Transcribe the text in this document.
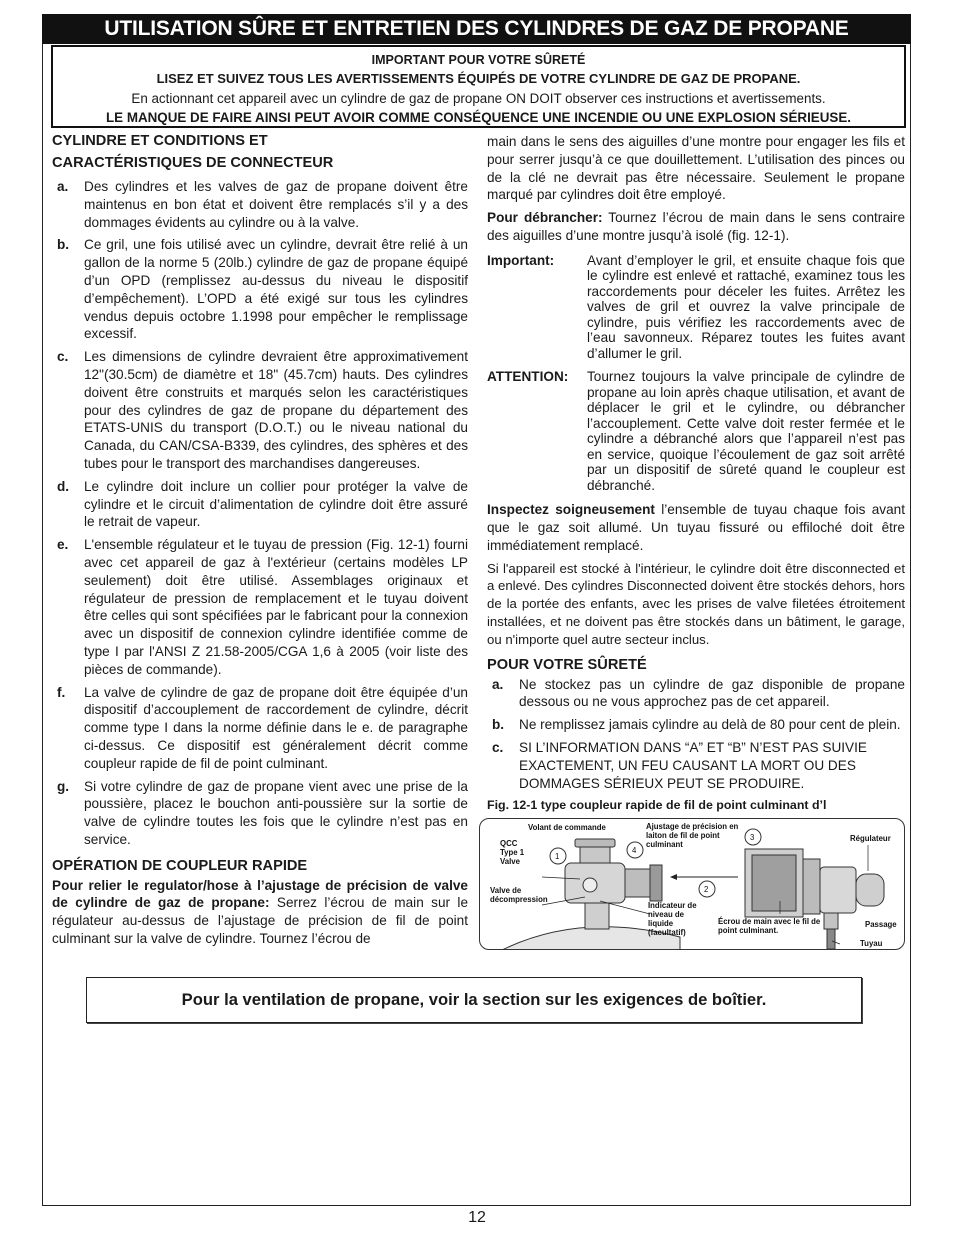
UTILISATION SÛRE ET ENTRETIEN DES CYLINDRES DE GAZ DE PROPANE
IMPORTANT POUR VOTRE SÛRETÉ
LISEZ ET SUIVEZ TOUS LES AVERTISSEMENTS ÉQUIPÉS DE VOTRE CYLINDRE DE GAZ DE PROPANE.
En actionnant cet appareil avec un cylindre de gaz de propane ON DOIT observer ces instructions et avertissements.
LE MANQUE DE FAIRE AINSI PEUT AVOIR COMME CONSÉQUENCE UNE INCENDIE OU UNE EXPLOSION SÉRIEUSE.
CYLINDRE ET CONDITIONS ET
CARACTÉRISTIQUES DE CONNECTEUR
a. Des cylindres et les valves de gaz de propane doivent être maintenus en bon état et doivent être remplacés s’il y a des dommages évidents au cylindre ou à la valve.
b. Ce gril, une fois utilisé avec un cylindre, devrait être relié à un gallon de la norme 5 (20lb.) cylindre de gaz de propane équipé d’un OPD (remplissez au-dessus du niveau le dispositif d’empêchement). L’OPD a été exigé sur tous les cylindres vendus depuis octobre 1.1998 pour empêcher le remplissage excessif.
c. Les dimensions de cylindre devraient être approximativement 12"(30.5cm) de diamètre et 18" (45.7cm) hauts. Des cylindres doivent être construits et marqués selon les caractéristiques pour des cylindres de gaz de propane du département des ETATS-UNIS du transport (D.O.T.) ou le niveau national du Canada, du CAN/CSA-B339, des cylindres, des sphères et des tubes pour le transport des marchandises dangereuses.
d. Le cylindre doit inclure un collier pour protéger la valve de cylindre et le circuit d’alimentation de cylindre doit être assuré le retrait de vapeur.
e. L'ensemble régulateur et le tuyau de pression (Fig. 12-1) fourni avec cet appareil de gaz à l'extérieur (certains modèles LP seulement) doit être utilisé. Assemblages originaux et régulateur de pression de remplacement et le tuyau doivent être celles qui sont spécifiées par le fabricant pour la connexion avec un dispositif de connexion cylindre identifiée comme de type I par l'ANSI Z 21.58-2005/CGA 1,6 à 2005 (voir liste des pièces de commande).
f. La valve de cylindre de gaz de propane doit être équipée d’un dispositif d’accouplement de raccordement de cylindre, décrit comme type I dans la norme définie dans le e. de paragraphe ci-dessus. Ce dispositif est généralement décrit comme coupleur rapide de fil de point culminant.
g. Si votre cylindre de gaz de propane vient avec une prise de la poussière, placez le bouchon anti-poussière sur la sortie de valve de cylindre toutes les fois que le cylindre n’est pas en service.
OPÉRATION DE COUPLEUR RAPIDE

Pour relier le regulator/hose à l’ajustage de précision de valve de cylindre de gaz de propane: Serrez l’écrou de main sur le régulateur au-dessus de l’ajustage de précision de fil de point culminant sur la valve de cylindre. Tournez l’écrou de

main dans le sens des aiguilles d’une montre pour engager les fils et pour serrer jusqu’à ce que douillettement. L’utilisation des pinces ou de la clé ne devrait pas être nécessaire. Seulement le propane marqué par cylindres doit être employé.

Pour débrancher: Tournez l’écrou de main dans le sens contraire des aiguilles d’une montre jusqu’à isolé (fig. 12-1).

Important: Avant d’employer le gril, et ensuite chaque fois que le cylindre est enlevé et rattaché, examinez tous les raccordements pour déceler les fuites. Arrêtez les valves de gril et ouvrez la valve principale de cylindre, puis vérifiez les raccordements avec de l’eau savonneux. Réparez toutes les fuites avant d’allumer le gril.
ATTENTION: Tournez toujours la valve principale de cylindre de propane au loin après chaque utilisation, et avant de déplacer le gril et le cylindre, ou débrancher l’accouplement. Cette valve doit rester fermée et le cylindre a débranché alors que l’appareil n’est pas en service, quoique l’écoulement de gaz soit arrêté par un dispositif de sûreté quand le coupleur est débranché.

Inspectez soigneusement l’ensemble de tuyau chaque fois avant que le gaz soit allumé. Un tuyau fissuré ou effiloché doit être immédiatement remplacé.

Si l'appareil est stocké à l'intérieur, le cylindre doit être disconnected et a enlevé. Des cylindres Disconnected doivent être stockés dehors, hors de la portée des enfants, avec les prises de valve filetées étroitement installées, et ne doivent pas être stockés dans un bâtiment, le garage, ou n'importe quel autre secteur inclus.

POUR VOTRE SÛRETÉ
a. Ne stockez pas un cylindre de gaz disponible de propane dessous ou ne vous approchez pas de cet appareil.
b. Ne remplissez jamais cylindre au delà de 80 pour cent de plein.
c. SI L’INFORMATION DANS “A” ET “B” N’EST PAS SUIVIE EXACTEMENT, UN FEU CAUSANT LA MORT OU DES DOMMAGES SÉRIEUX PEUT SE PRODUIRE.
Fig. 12-1 type coupleur rapide de fil de point culminant d’l
1
2
3
4
Volant de commande	Ajustage de précision en laiton de fil de point culminant
QCC Type 1 Valve
Valve de décompression
Indicateur de niveau de liquide (facultatif)
Écrou de main avec le fil de point culminant.
Régulateur
Passage
Tuyau
Pour la ventilation de propane, voir la section sur les exigences de boîtier.
12
